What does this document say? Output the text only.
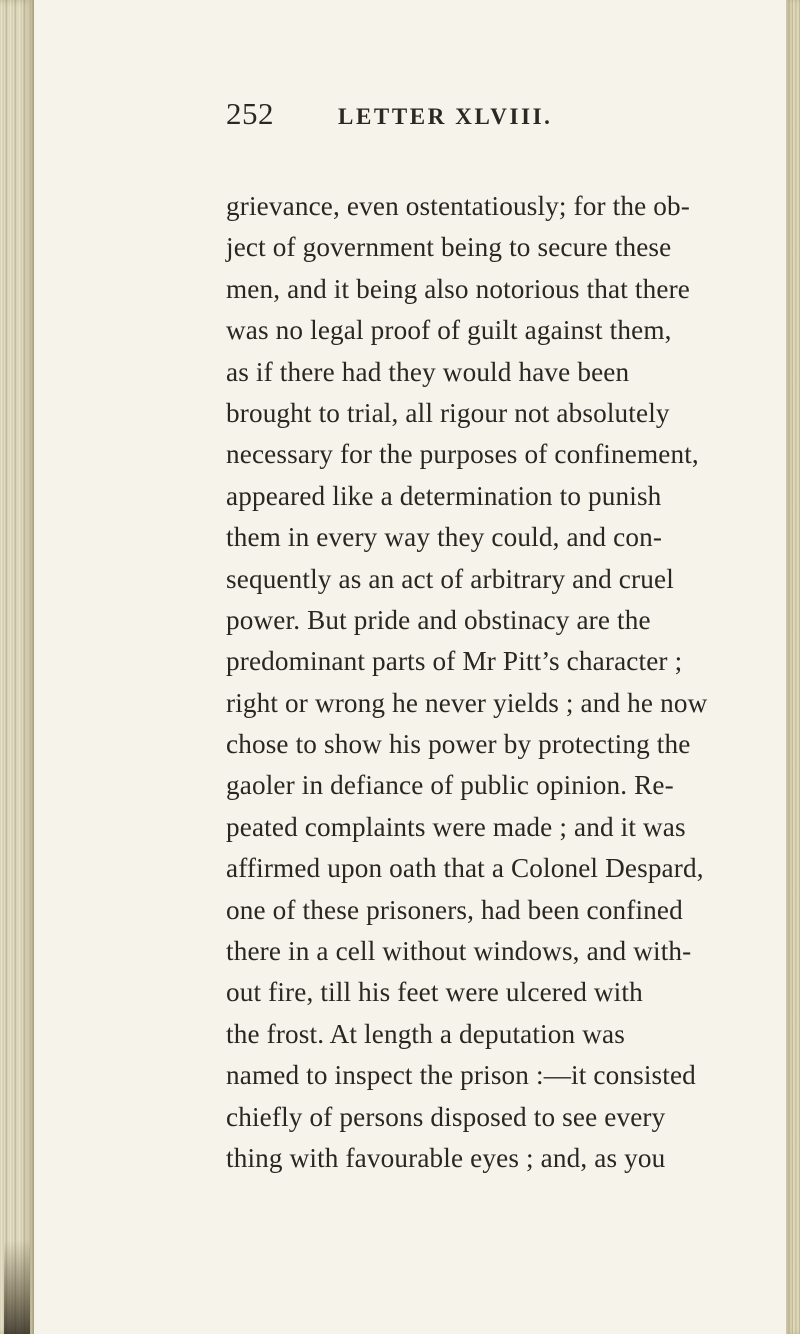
252	LETTER XLVIII.
grievance, even ostentatiously; for the ob-
ject of government being to secure these
men, and it being also notorious that there
was no legal proof of guilt against them,
as if there had they would have been
brought to trial, all rigour not absolutely
necessary for the purposes of confinement,
appeared like a determination to punish
them in every way they could, and con-
sequently as an act of arbitrary and cruel
power. But pride and obstinacy are the
predominant parts of Mr Pitt’s character ;
right or wrong he never yields ; and he now
chose to show his power by protecting the
gaoler in defiance of public opinion. Re-
peated complaints were made ; and it was
affirmed upon oath that a Colonel Despard,
one of these prisoners, had been confined
there in a cell without windows, and with-
out fire, till his feet were ulcered with
the frost. At length a deputation was
named to inspect the prison :—it consisted
chiefly of persons disposed to see every
thing with favourable eyes ; and, as you
